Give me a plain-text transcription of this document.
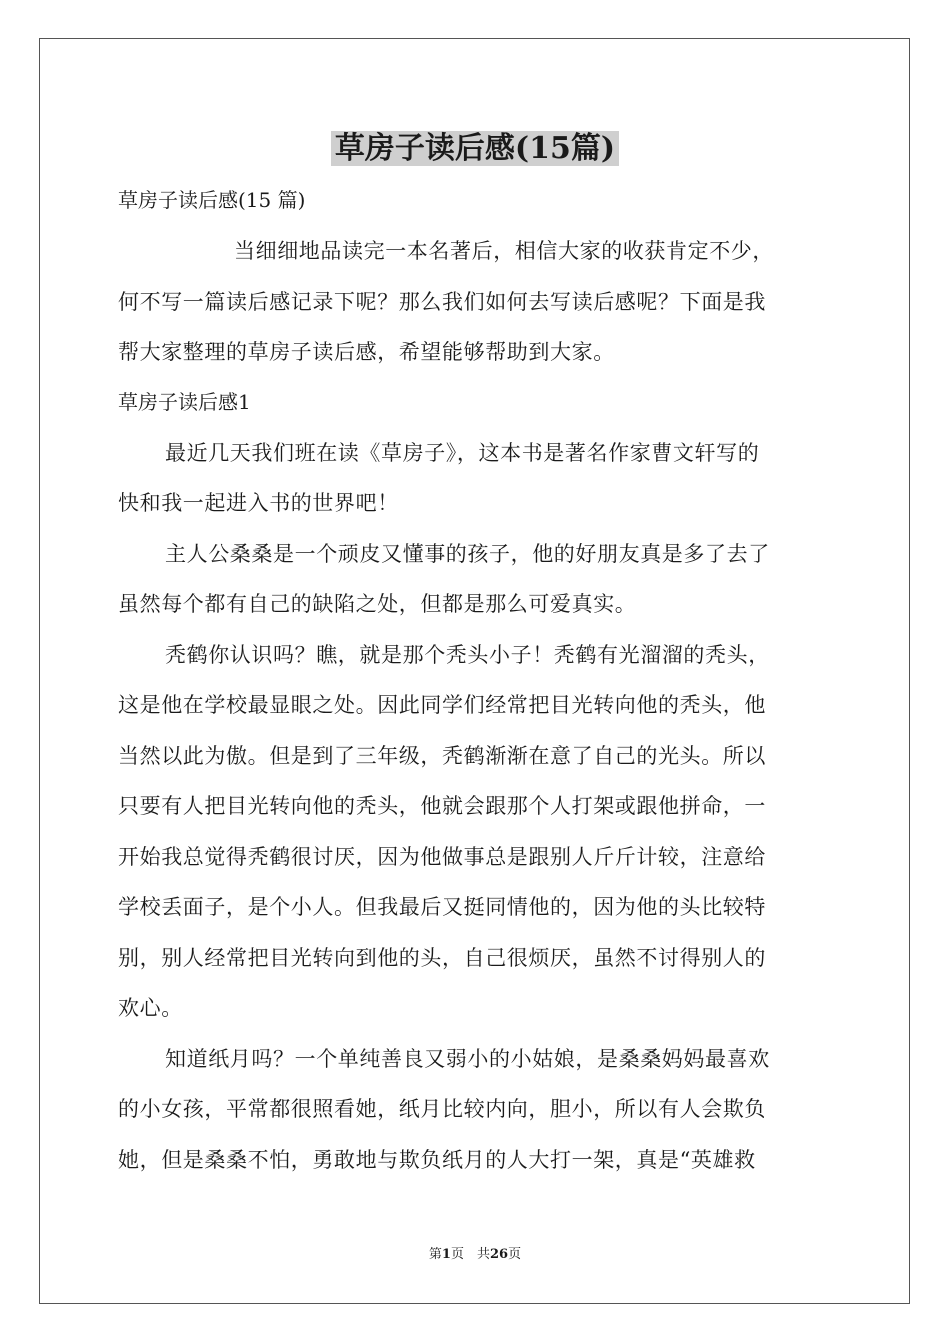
草房子读后感(15篇)

草房子读后感(15 篇)

当细细地品读完一本名著后，相信大家的收获肯定不少，
何不写一篇读后感记录下呢？那么我们如何去写读后感呢？下面是我
帮大家整理的草房子读后感，希望能够帮助到大家。

草房子读后感1

最近几天我们班在读《草房子》，这本书是著名作家曹文轩写的
快和我一起进入书的世界吧！

主人公桑桑是一个顽皮又懂事的孩子，他的好朋友真是多了去了
虽然每个都有自己的缺陷之处，但都是那么可爱真实。

秃鹤你认识吗？瞧，就是那个秃头小子！秃鹤有光溜溜的秃头，
这是他在学校最显眼之处。因此同学们经常把目光转向他的秃头，他
当然以此为傲。但是到了三年级，秃鹤渐渐在意了自己的光头。所以
只要有人把目光转向他的秃头，他就会跟那个人打架或跟他拼命，一
开始我总觉得秃鹤很讨厌，因为他做事总是跟别人斤斤计较，注意给
学校丢面子，是个小人。但我最后又挺同情他的，因为他的头比较特
别，别人经常把目光转向到他的头，自己很烦厌，虽然不讨得别人的
欢心。

知道纸月吗？一个单纯善良又弱小的小姑娘，是桑桑妈妈最喜欢
的小女孩，平常都很照看她，纸月比较内向，胆小，所以有人会欺负
她，但是桑桑不怕，勇敢地与欺负纸月的人大打一架，真是“英雄救

第1页　共26页
